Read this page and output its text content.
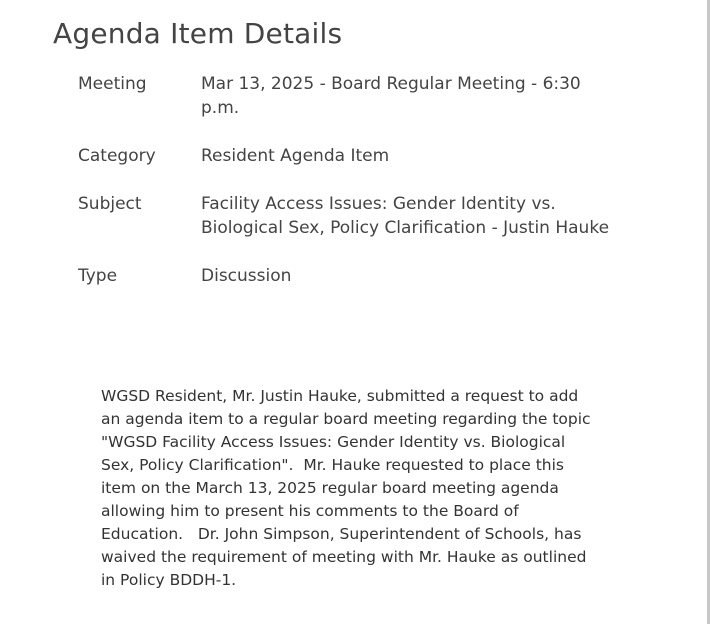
Agenda Item Details
Meeting	Mar 13, 2025 - Board Regular Meeting - 6:30 p.m.
Category	Resident Agenda Item
Subject	Facility Access Issues: Gender Identity vs. Biological Sex, Policy Clarification - Justin Hauke
Type	Discussion

WGSD Resident, Mr. Justin Hauke, submitted a request to add an agenda item to a regular board meeting regarding the topic "WGSD Facility Access Issues: Gender Identity vs. Biological Sex, Policy Clarification".  Mr. Hauke requested to place this item on the March 13, 2025 regular board meeting agenda allowing him to present his comments to the Board of Education.   Dr. John Simpson, Superintendent of Schools, has waived the requirement of meeting with Mr. Hauke as outlined in Policy BDDH-1.
